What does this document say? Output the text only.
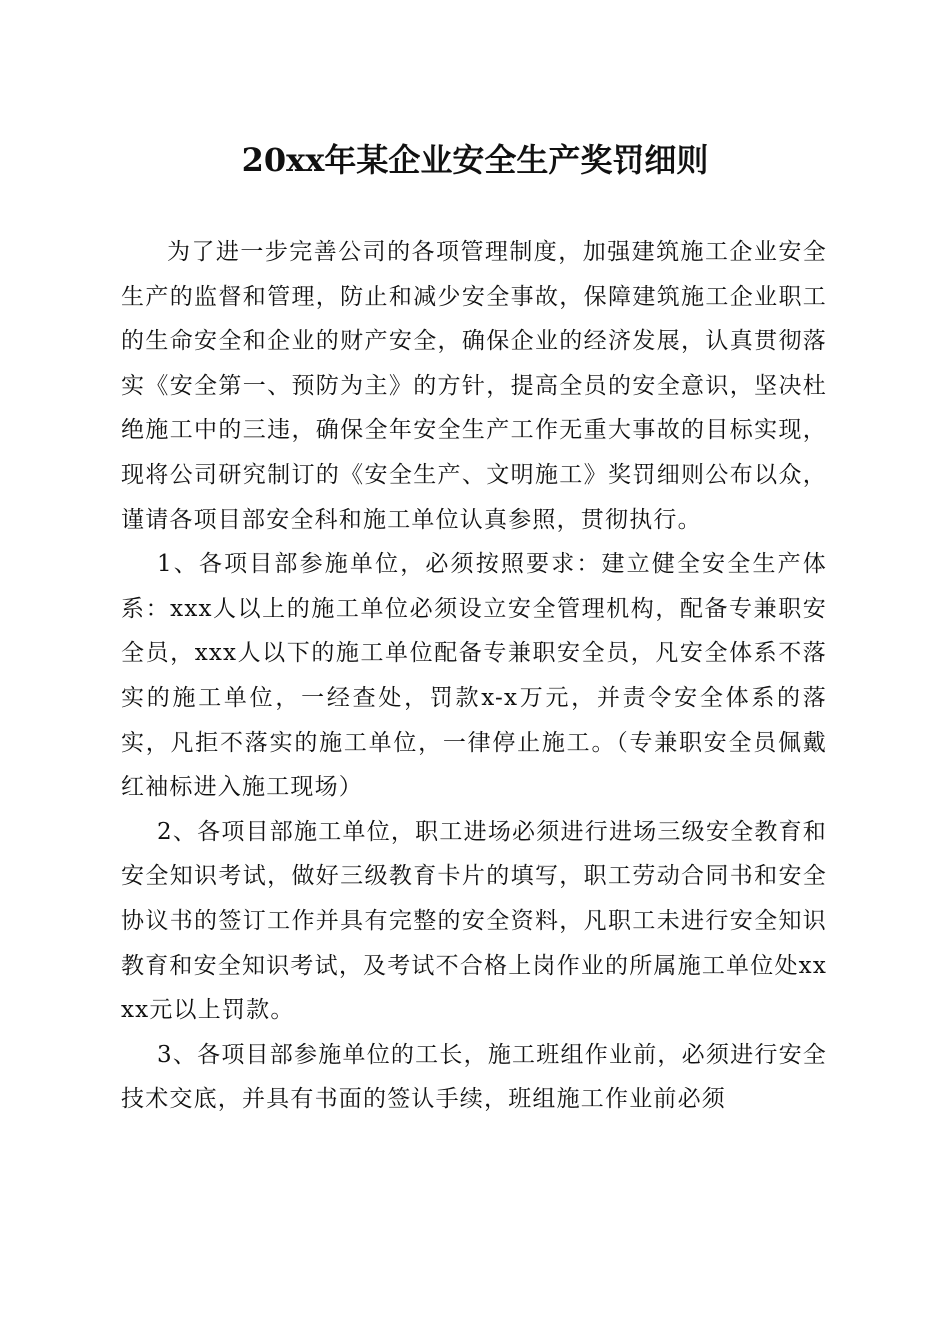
20xx年某企业安全生产奖罚细则

为了进一步完善公司的各项管理制度，加强建筑施工企业安全生产的监督和管理，防止和减少安全事故，保障建筑施工企业职工的生命安全和企业的财产安全，确保企业的经济发展，认真贯彻落实《安全第一、预防为主》的方针，提高全员的安全意识，坚决杜绝施工中的三违，确保全年安全生产工作无重大事故的目标实现，现将公司研究制订的《安全生产、文明施工》奖罚细则公布以众，谨请各项目部安全科和施工单位认真参照，贯彻执行。

1、各项目部参施单位，必须按照要求：建立健全安全生产体系：xxx人以上的施工单位必须设立安全管理机构，配备专兼职安全员，xxx人以下的施工单位配备专兼职安全员，凡安全体系不落实的施工单位，一经查处，罚款x-x万元，并责令安全体系的落实，凡拒不落实的施工单位，一律停止施工。（专兼职安全员佩戴红袖标进入施工现场）

2、各项目部施工单位，职工进场必须进行进场三级安全教育和安全知识考试，做好三级教育卡片的填写，职工劳动合同书和安全协议书的签订工作并具有完整的安全资料，凡职工未进行安全知识教育和安全知识考试，及考试不合格上岗作业的所属施工单位处xxxx元以上罚款。

3、各项目部参施单位的工长，施工班组作业前，必须进行安全技术交底，并具有书面的签认手续，班组施工作业前必须
